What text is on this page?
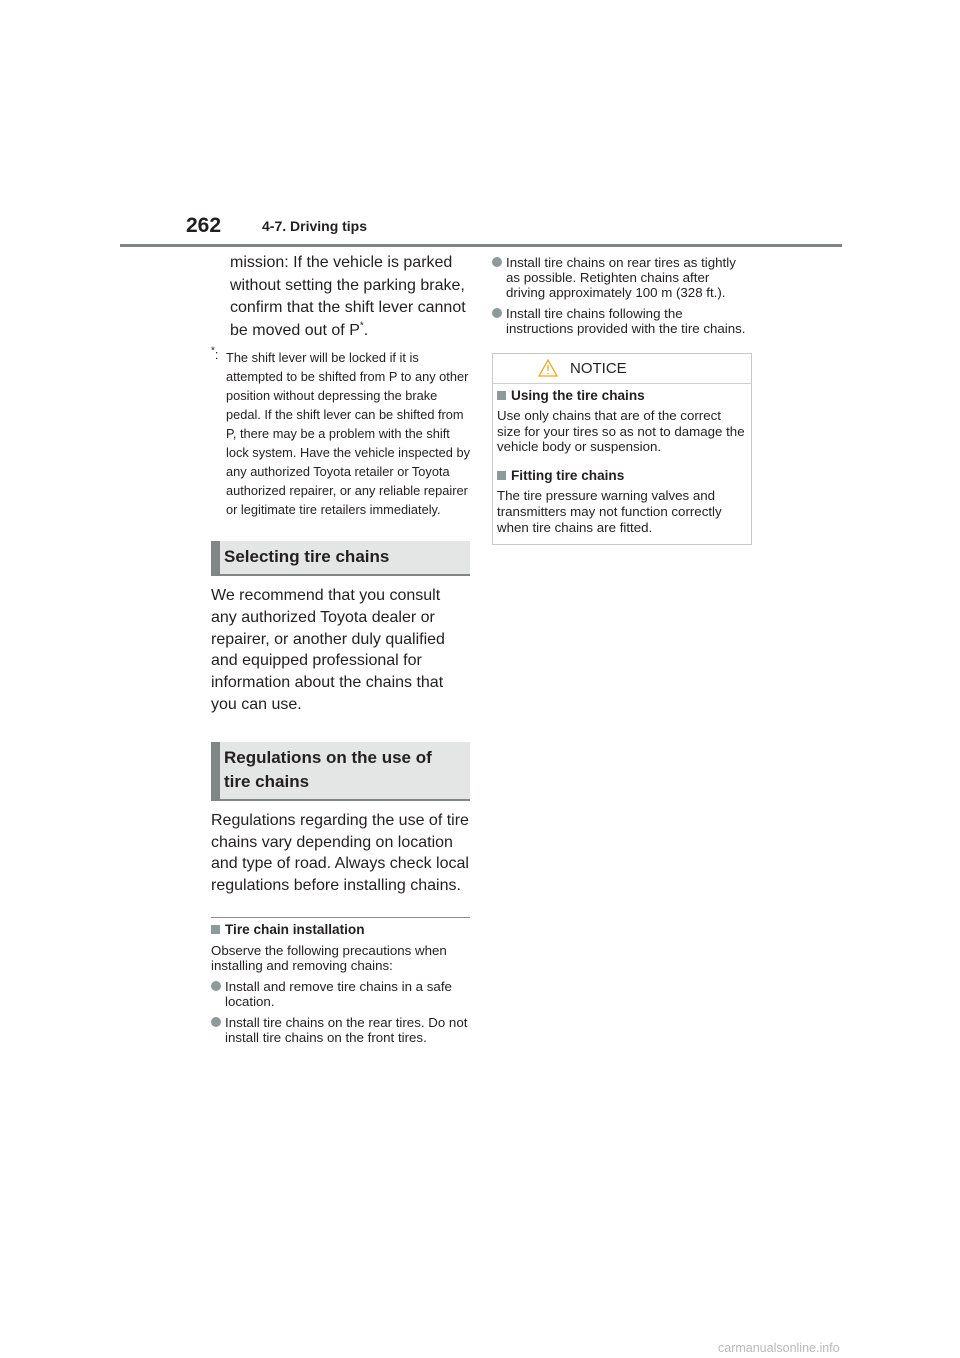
262	4-7. Driving tips

mission: If the vehicle is parked without setting the parking brake, confirm that the shift lever cannot be moved out of P*.

*: The shift lever will be locked if it is attempted to be shifted from P to any other position without depressing the brake pedal. If the shift lever can be shifted from P, there may be a problem with the shift lock system. Have the vehicle inspected by any authorized Toyota retailer or Toyota authorized repairer, or any reliable repairer or legitimate tire retailers immediately.
Selecting tire chains

We recommend that you consult any authorized Toyota dealer or repairer, or another duly qualified and equipped professional for information about the chains that you can use.

Regulations on the use of tire chains

Regulations regarding the use of tire chains vary depending on location and type of road. Always check local regulations before installing chains.

Tire chain installation

Observe the following precautions when installing and removing chains:

Install and remove tire chains in a safe location.
Install tire chains on the rear tires. Do not install tire chains on the front tires.
Install tire chains on rear tires as tightly as possible. Retighten chains after driving approximately 100 m (328 ft.).
Install tire chains following the instructions provided with the tire chains.
NOTICE
Using the tire chains

Use only chains that are of the correct size for your tires so as not to damage the vehicle body or suspension.

Fitting tire chains

The tire pressure warning valves and transmitters may not function correctly when tire chains are fitted.

carmanualsonline.info
